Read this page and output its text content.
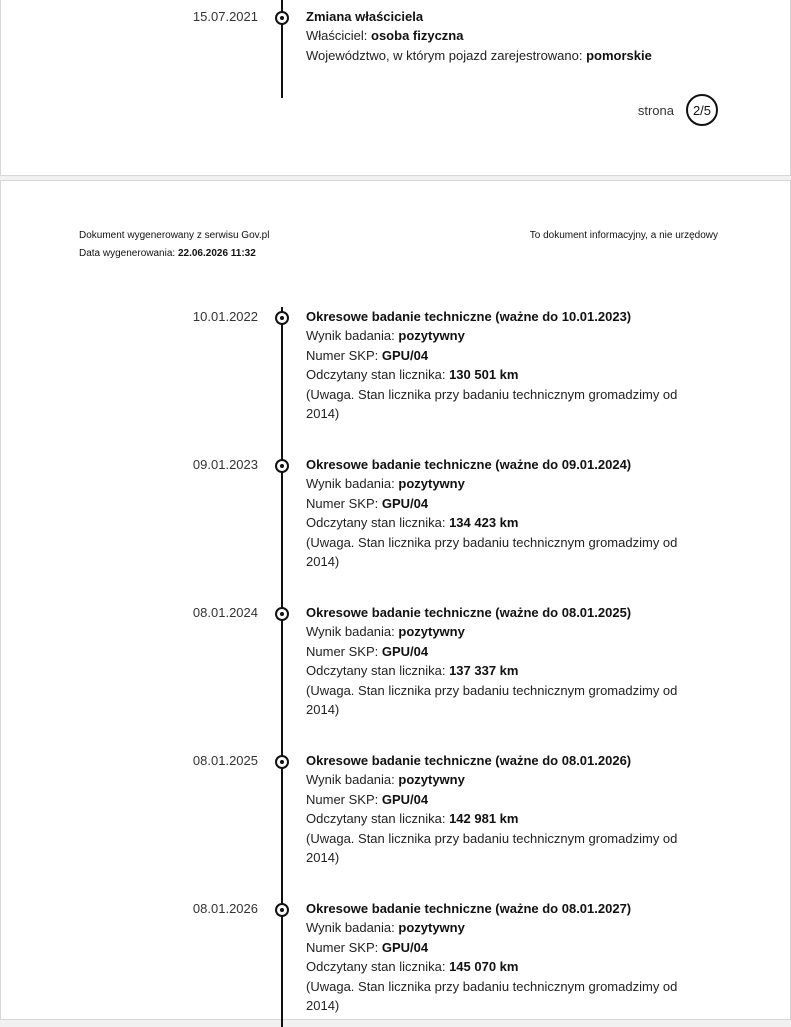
15.07.2021	Zmiana właściciela
Właściciel: osoba fizyczna
Województwo, w którym pojazd zarejestrowano: pomorskie
strona	2/5
Dokument wygenerowany z serwisu Gov.pl
Data wygenerowania: 22.06.2026 11:32
To dokument informacyjny, a nie urzędowy
10.01.2022	Okresowe badanie techniczne (ważne do 10.01.2023)
Wynik badania: pozytywny
Numer SKP: GPU/04
Odczytany stan licznika: 130 501 km
(Uwaga. Stan licznika przy badaniu technicznym gromadzimy od 2014)
09.01.2023	Okresowe badanie techniczne (ważne do 09.01.2024)
Wynik badania: pozytywny
Numer SKP: GPU/04
Odczytany stan licznika: 134 423 km
(Uwaga. Stan licznika przy badaniu technicznym gromadzimy od 2014)
08.01.2024	Okresowe badanie techniczne (ważne do 08.01.2025)
Wynik badania: pozytywny
Numer SKP: GPU/04
Odczytany stan licznika: 137 337 km
(Uwaga. Stan licznika przy badaniu technicznym gromadzimy od 2014)
08.01.2025	Okresowe badanie techniczne (ważne do 08.01.2026)
Wynik badania: pozytywny
Numer SKP: GPU/04
Odczytany stan licznika: 142 981 km
(Uwaga. Stan licznika przy badaniu technicznym gromadzimy od 2014)
08.01.2026	Okresowe badanie techniczne (ważne do 08.01.2027)
Wynik badania: pozytywny
Numer SKP: GPU/04
Odczytany stan licznika: 145 070 km
(Uwaga. Stan licznika przy badaniu technicznym gromadzimy od 2014)
